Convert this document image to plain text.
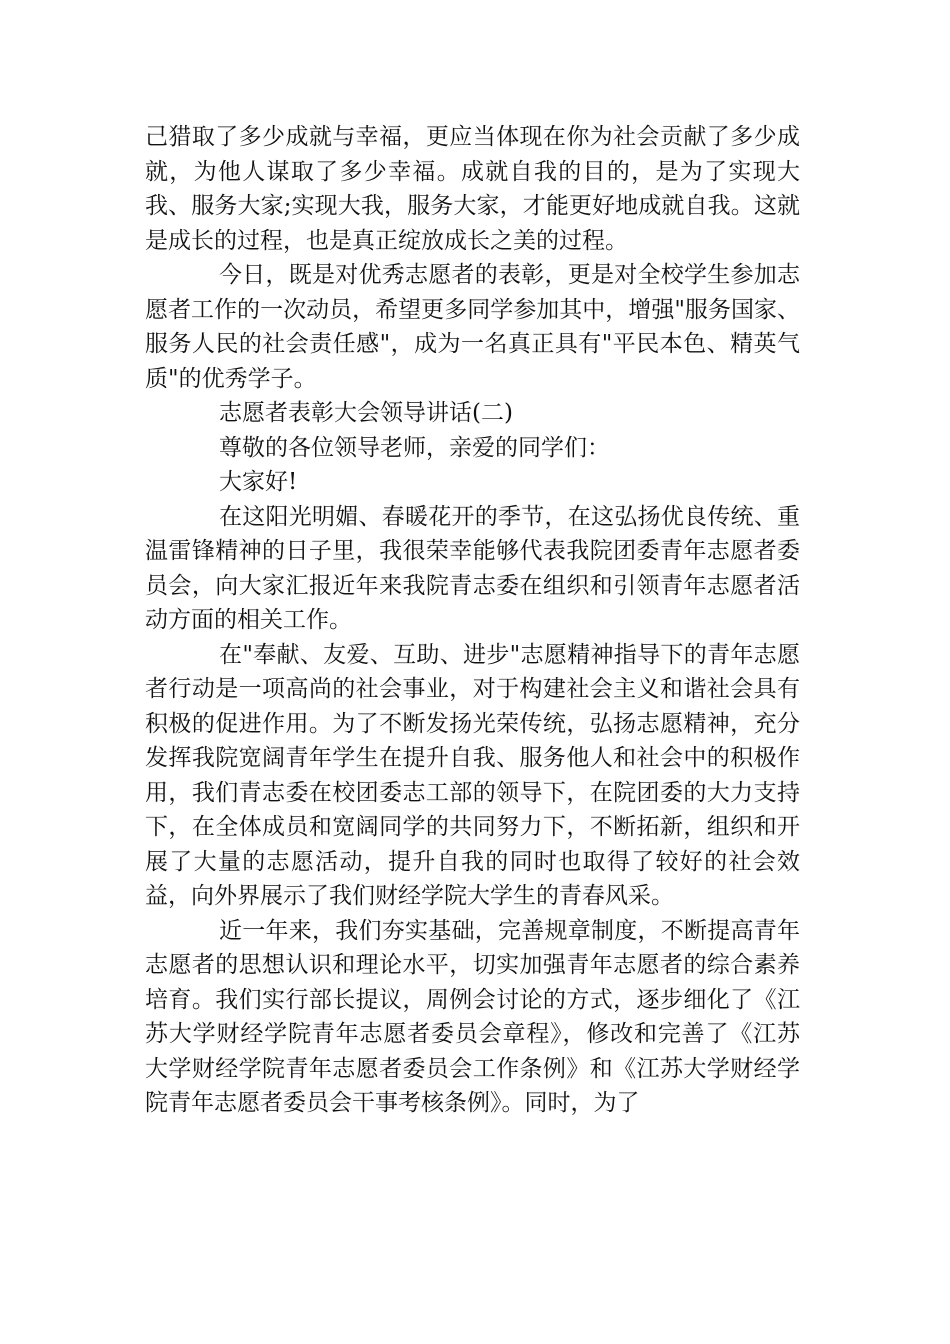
己猎取了多少成就与幸福，更应当体现在你为社会贡献了多少成就，为他人谋取了多少幸福。成就自我的目的，是为了实现大我、服务大家;实现大我，服务大家，才能更好地成就自我。这就是成长的过程，也是真正绽放成长之美的过程。

今日，既是对优秀志愿者的表彰，更是对全校学生参加志愿者工作的一次动员，希望更多同学参加其中，增强"服务国家、服务人民的社会责任感"，成为一名真正具有"平民本色、精英气质"的优秀学子。

志愿者表彰大会领导讲话(二)

尊敬的各位领导老师，亲爱的同学们：

大家好!

在这阳光明媚、春暖花开的季节，在这弘扬优良传统、重温雷锋精神的日子里，我很荣幸能够代表我院团委青年志愿者委员会，向大家汇报近年来我院青志委在组织和引领青年志愿者活动方面的相关工作。

在"奉献、友爱、互助、进步"志愿精神指导下的青年志愿者行动是一项高尚的社会事业，对于构建社会主义和谐社会具有积极的促进作用。为了不断发扬光荣传统，弘扬志愿精神，充分发挥我院宽阔青年学生在提升自我、服务他人和社会中的积极作用，我们青志委在校团委志工部的领导下，在院团委的大力支持下，在全体成员和宽阔同学的共同努力下，不断拓新，组织和开展了大量的志愿活动，提升自我的同时也取得了较好的社会效益，向外界展示了我们财经学院大学生的青春风采。

近一年来，我们夯实基础，完善规章制度，不断提高青年志愿者的思想认识和理论水平，切实加强青年志愿者的综合素养培育。我们实行部长提议，周例会讨论的方式，逐步细化了《江苏大学财经学院青年志愿者委员会章程》，修改和完善了《江苏大学财经学院青年志愿者委员会工作条例》和《江苏大学财经学院青年志愿者委员会干事考核条例》。同时，为了
